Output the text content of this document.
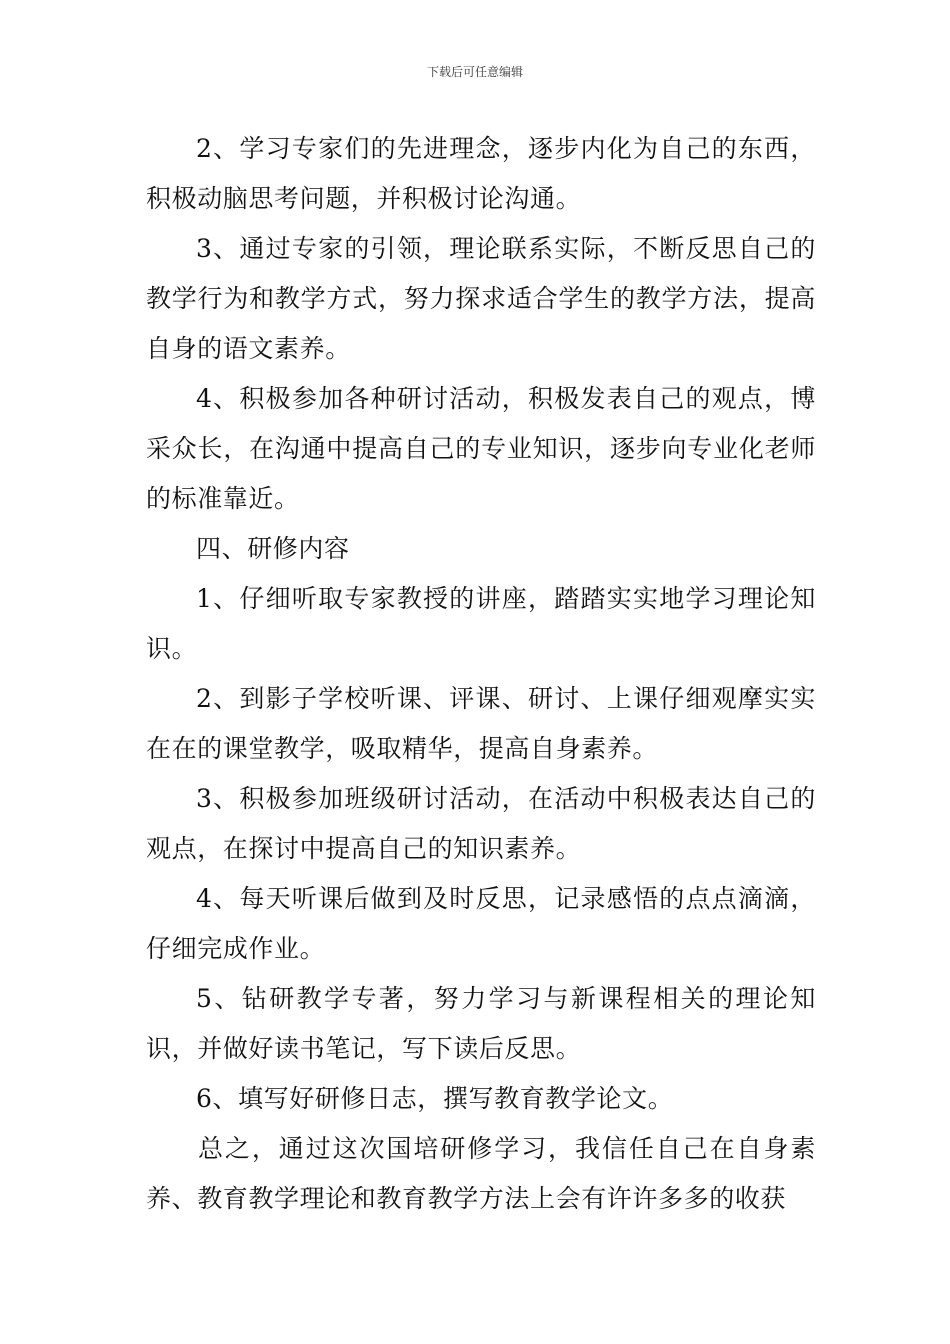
下载后可任意编辑

2、学习专家们的先进理念，逐步内化为自己的东西，积极动脑思考问题，并积极讨论沟通。

3、通过专家的引领，理论联系实际，不断反思自己的教学行为和教学方式，努力探求适合学生的教学方法，提高自身的语文素养。

4、积极参加各种研讨活动，积极发表自己的观点，博采众长，在沟通中提高自己的专业知识，逐步向专业化老师的标准靠近。

四、研修内容

1、仔细听取专家教授的讲座，踏踏实实地学习理论知识。

2、到影子学校听课、评课、研讨、上课仔细观摩实实在在的课堂教学，吸取精华，提高自身素养。

3、积极参加班级研讨活动，在活动中积极表达自己的观点，在探讨中提高自己的知识素养。

4、每天听课后做到及时反思，记录感悟的点点滴滴，仔细完成作业。

5、钻研教学专著，努力学习与新课程相关的理论知识，并做好读书笔记，写下读后反思。

6、填写好研修日志，撰写教育教学论文。

总之，通过这次国培研修学习，我信任自己在自身素养、教育教学理论和教育教学方法上会有许许多多的收获
